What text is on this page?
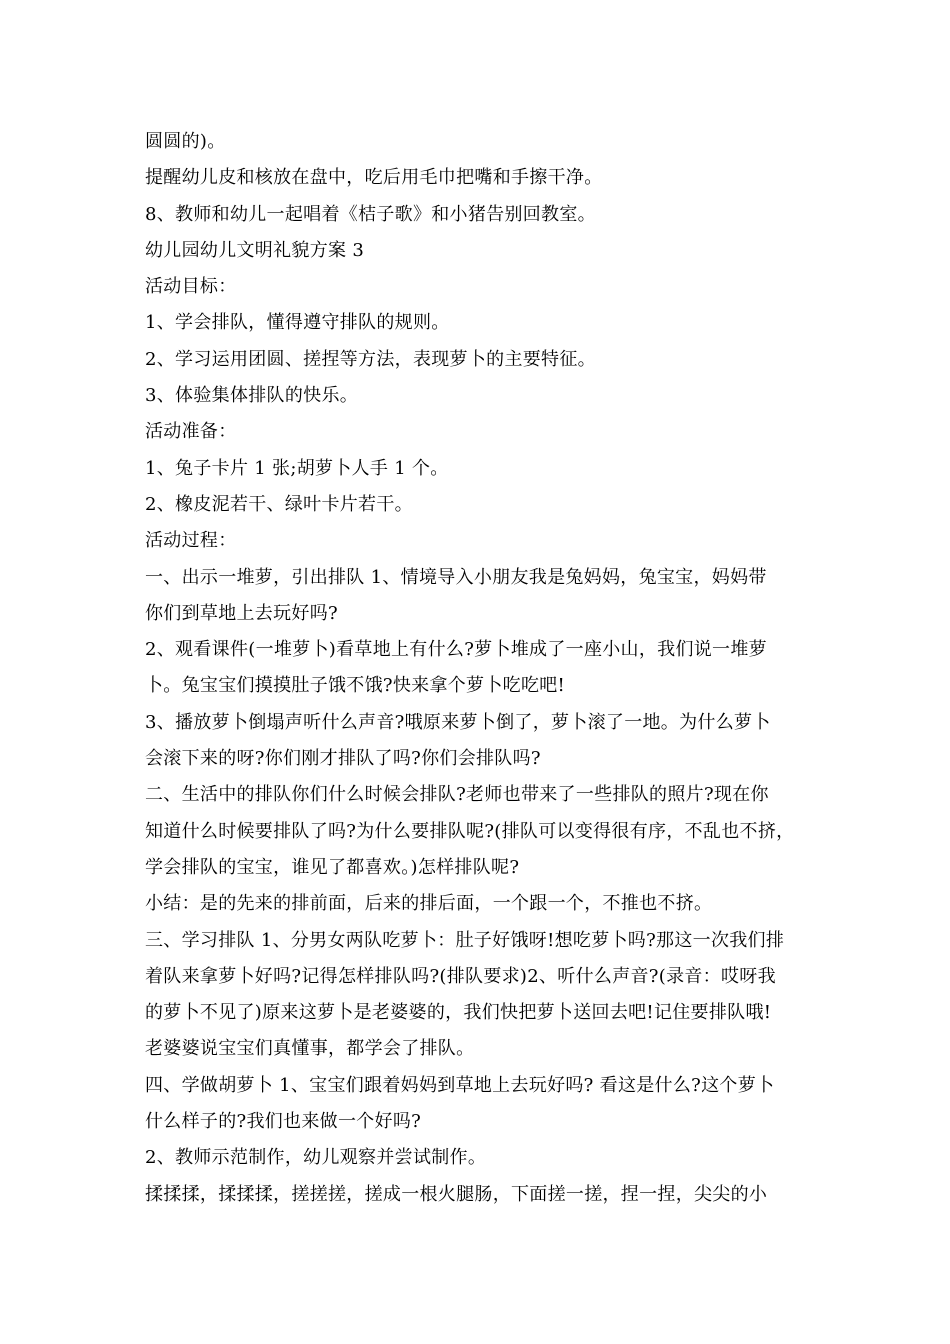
圆圆的)。
提醒幼儿皮和核放在盘中，吃后用毛巾把嘴和手擦干净。
8、教师和幼儿一起唱着《桔子歌》和小猪告别回教室。
幼儿园幼儿文明礼貌方案 3
活动目标：
1、学会排队，懂得遵守排队的规则。
2、学习运用团圆、搓捏等方法，表现萝卜的主要特征。
3、体验集体排队的快乐。
活动准备：
1、兔子卡片 1 张;胡萝卜人手 1 个。
2、橡皮泥若干、绿叶卡片若干。
活动过程：
一、出示一堆萝，引出排队 1、情境导入小朋友我是兔妈妈，兔宝宝，妈妈带
你们到草地上去玩好吗?
2、观看课件(一堆萝卜)看草地上有什么?萝卜堆成了一座小山，我们说一堆萝
卜。兔宝宝们摸摸肚子饿不饿?快来拿个萝卜吃吃吧!
3、播放萝卜倒塌声听什么声音?哦原来萝卜倒了，萝卜滚了一地。为什么萝卜
会滚下来的呀?你们刚才排队了吗?你们会排队吗?
二、生活中的排队你们什么时候会排队?老师也带来了一些排队的照片?现在你
知道什么时候要排队了吗?为什么要排队呢?(排队可以变得很有序，不乱也不挤，
学会排队的宝宝，谁见了都喜欢。)怎样排队呢?
小结：是的先来的排前面，后来的排后面，一个跟一个，不推也不挤。
三、学习排队 1、分男女两队吃萝卜：肚子好饿呀!想吃萝卜吗?那这一次我们排
着队来拿萝卜好吗?记得怎样排队吗?(排队要求)2、听什么声音?(录音：哎呀我
的萝卜不见了)原来这萝卜是老婆婆的，我们快把萝卜送回去吧!记住要排队哦!
老婆婆说宝宝们真懂事，都学会了排队。
四、学做胡萝卜 1、宝宝们跟着妈妈到草地上去玩好吗? 看这是什么?这个萝卜
什么样子的?我们也来做一个好吗?
2、教师示范制作，幼儿观察并尝试制作。
揉揉揉，揉揉揉，搓搓搓，搓成一根火腿肠，下面搓一搓，捏一捏，尖尖的小
